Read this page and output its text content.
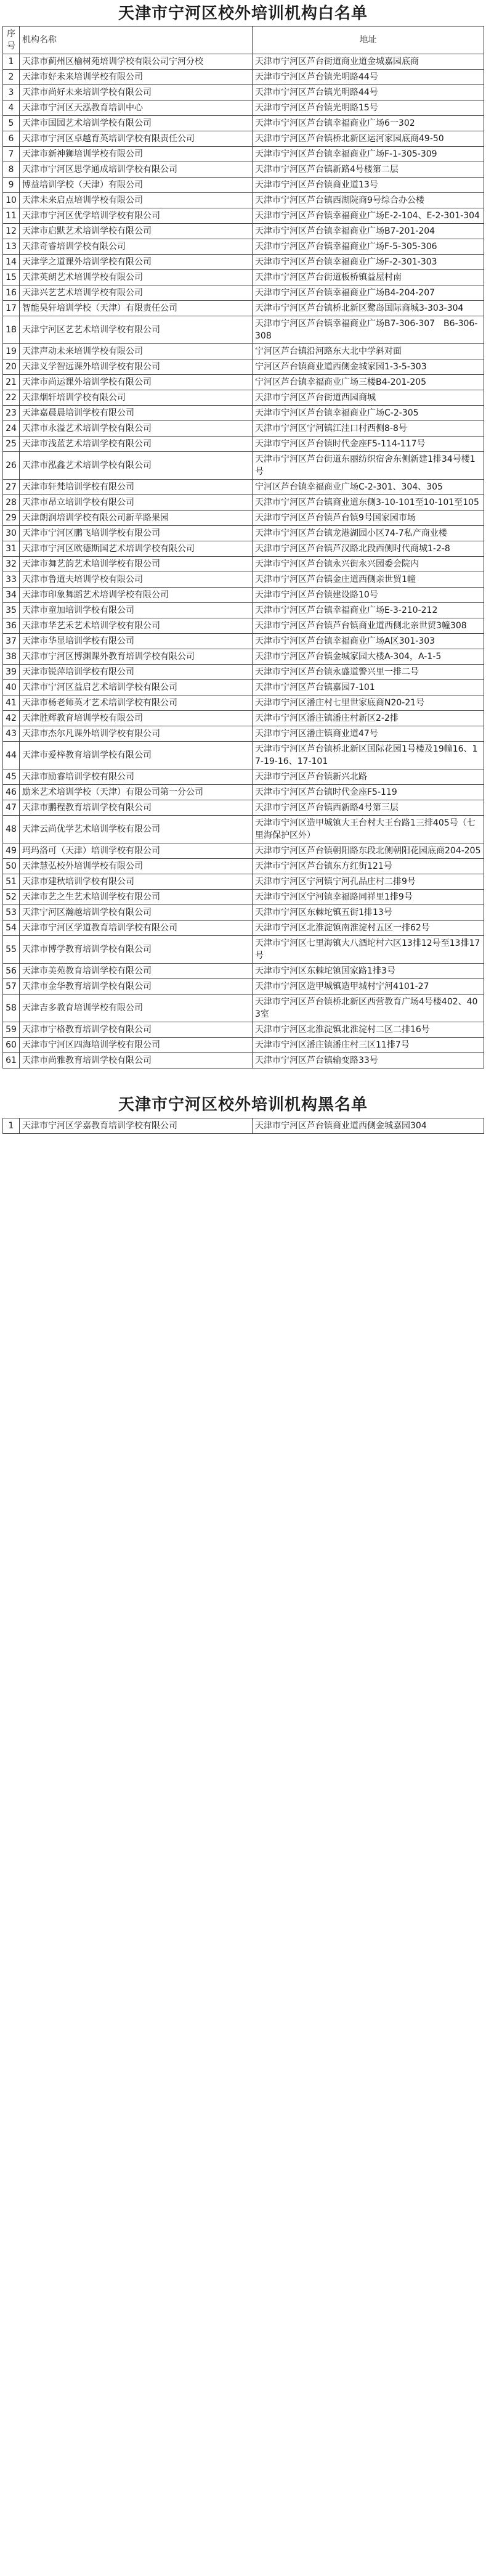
天津市宁河区校外培训机构白名单
序号	机构名称	地址
1	天津市蓟州区榆树苑培训学校有限公司宁河分校	天津市宁河区芦台街道商业道金城嘉园底商
2	天津市好未来培训学校有限公司	天津市宁河区芦台镇光明路44号
3	天津市尚好未来培训学校有限公司	天津市宁河区芦台镇光明路44号
4	天津市宁河区天泓教育培训中心	天津市宁河区芦台镇光明路15号
5	天津市国园艺术培训学校有限公司	天津市宁河区芦台镇幸福商业广场6一302
6	天津市宁河区卓越育英培训学校有限责任公司	天津市宁河区芦台镇桥北新区运河家园底商49-50
7	天津市新神狮培训学校有限公司	天津市宁河区芦台镇幸福商业广场F-1-305-309
8	天津市宁河区思学通成培训学校有限公司	天津市宁河区芦台镇新路4号楼第二层
9	博益培训学校（天津）有限公司	天津市宁河区芦台镇商业道13号
10	天津未来启点培训学校有限公司	天津市宁河区芦台镇西湖院商9号综合办公楼
11	天津市宁河区优学培训学校有限公司	天津市宁河区芦台镇幸福商业广场E-2-104、E-2-301-304
12	天津市启默艺术培训学校有限公司	天津市宁河区芦台镇幸福商业广场B7-201-204
13	天津奇睿培训学校有限公司	天津市宁河区芦台镇幸福商业广场F-5-305-306
14	天津学之道课外培训学校有限公司	天津市宁河区芦台镇幸福商业广场F-2-301-303
15	天津英朗艺术培训学校有限公司	天津市宁河区芦台街道板桥镇益屋村南
16	天津兴艺艺术培训学校有限公司	天津市宁河区芦台镇幸福商业广场B4-204-207
17	智能昊轩培训学校（天津）有限责任公司	天津市宁河区芦台镇桥北新区鹭岛国际商城3-303-304
18	天津宁河区艺艺术培训学校有限公司	天津市宁河区芦台镇幸福商业广场B7-306-307　B6-306-308
19	天津声动未来培训学校有限公司	宁河区芦台镇沿河路东大北中学斜对面
20	天津义学智远课外培训学校有限公司	宁河区芦台镇商业道西侧金城家园1-3-5-303
21	天津市尚运课外培训学校有限公司	宁河区芦台镇幸福商业广场三楼B4-201-205
22	天津烟轩培训学校有限公司	天津市宁河区芦台街道西园商城
23	天津嘉晨晨培训学校有限公司	天津市宁河区芦台镇幸福商业广场C-2-305
24	天津市永溢艺术培训学校有限公司	天津市宁河区宁河镇江洼口村西侧8-8号
25	天津市浅蓝艺术培训学校有限公司	天津市宁河区芦台镇时代金座F5-114-117号
26	天津市泓鑫艺术培训学校有限公司	天津市宁河区芦台街道东丽纺织宿舍东侧新建1排34号楼1号
27	天津市轩梵培训学校有限公司	宁河区芦台镇幸福商业广场C-2-301、304、305
28	天津市昂立培训学校有限公司	天津市宁河区芦台镇商业道东侧3-10-101至10-101至105
29	天津朗润培训学校有限公司新苹路果园	天津市宁河区芦台镇芦台镇9号国家园市场
30	天津市宁河区鹏飞培训学校有限公司	天津市宁河区芦台镇龙港湖园小区74-7私产商业楼
31	天津市宁河区欧德斯国艺术培训学校有限公司	天津市宁河区芦台镇芦汉路北段西侧时代商城1-2-8
32	天津市舞艺韵艺术培训学校有限公司	天津市宁河区芦台镇永兴街永兴园委会院内
33	天津市鲁道夫培训学校有限公司	天津市宁河区芦台镇金庄道西侧亲世贸1幢
34	天津市印象舞蹈艺术培训学校有限公司	天津市宁河区芦台镇建设路10号
35	天津市童加培训学校有限公司	天津市宁河区芦台镇幸福商业广场E-3-210-212
36	天津市华艺禾艺术培训学校有限公司	天津市宁河区芦台镇芦台镇商业道西侧北亲世贸3幢308
37	天津市华显培训学校有限公司	天津市宁河区芦台镇幸福商业广场A区301-303
38	天津市宁河区博渊课外教育培训学校有限公司	天津市宁河区芦台镇金城家园大楼A-304，A-1-5
39	天津市锐萍培训学校有限公司	天津市宁河区芦台镇永盛道警兴里一排二号
40	天津市宁河区益启艺术培训学校有限公司	天津市宁河区芦台镇嘉园7-101
41	天津市杨老师英才艺术培训学校有限公司	天津市宁河区潘庄村七里世家底商N20-21号
42	天津胜辉教育培训学校有限公司	天津市宁河区潘庄镇潘庄村新区2-2排
43	天津市杰尔凡课外培训学校有限公司	天津市宁河区潘庄镇商业道47号
44	天津市爱梓教育培训学校有限公司	天津市宁河区芦台镇桥北新区国际花园1号楼及19幢16、17-19-16、17-101
45	天津市励睿培训学校有限公司	天津市宁河区芦台镇新兴北路
46	励米艺术培训学校（天津）有限公司第一分公司	天津市宁河区芦台镇时代金座F5-119
47	天津市鹏程教育培训学校有限公司	天津市宁河区芦台镇西新路4号第三层
48	天津云尚优学艺术培训学校有限公司	天津市宁河区造甲城镇大王台村大王台路1三排405号（七里海保护区外）
49	玛玛洛可（天津）培训学校有限公司	天津市宁河区芦台镇朝阳路东段北侧朝阳花园底商204-205
50	天津慧弘校外培训学校有限公司	天津市宁河区芦台镇东方红街121号
51	天津市建秋培训学校有限公司	天津市宁河区宁河镇宁河孔品庄村二排9号
52	天津市艺之生艺术培训学校有限公司	天津市宁河区宁河镇幸福路同祥里1排9号
53	天津宁河区瀚越培训学校有限公司	天津市宁河区东棘坨镇五街1排13号
54	天津市宁河区学道教育培训学校有限公司	天津市宁河区北淮淀镇南淮淀村五区一排62号
55	天津市博学教育培训学校有限公司	天津市宁河区七里海镇大八酒坨村六区13排12号至13排17号
56	天津市美苑教育培训学校有限公司	天津市宁河区东棘坨镇国家路1排3号
57	天津市金华教育培训学校有限公司	天津市宁河区造甲城镇造甲城村宁河4101-27
58	天津吉多教育培训学校有限公司	天津市宁河区芦台镇桥北新区西营教育广场4号楼402、403室
59	天津市宁格教育培训学校有限公司	天津市宁河区北淮淀镇北淮淀村二区二排16号
60	天津市宁河区四海培训学校有限公司	天津市宁河区潘庄镇潘庄村三区11排7号
61	天津市尚雅教育培训学校有限公司	天津市宁河区芦台镇输变路33号
天津市宁河区校外培训机构黑名单
1	天津市宁河区学嘉教育培训学校有限公司	天津市宁河区芦台镇商业道西侧金城嘉园304
